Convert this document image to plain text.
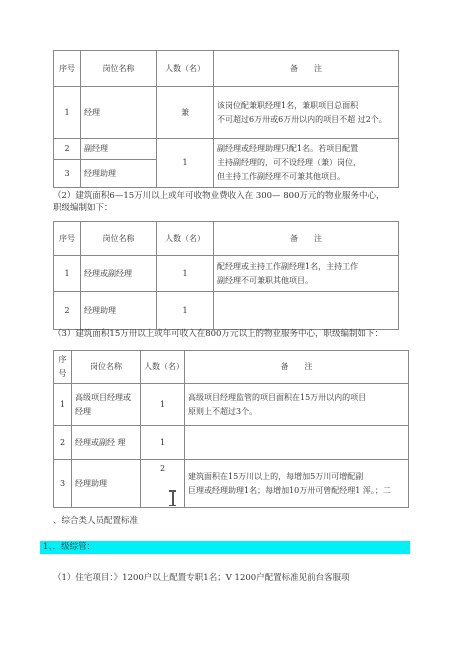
序号	岗位名称	人数（名）	备　　注
1	经理	兼	该岗位配兼职经理1名，兼职项目总面积
不可超过6万卅或6万卅以内的项目不超 过2个。

2	副经理	1	副经理或经理助理只配1名。若项目配置
主持副经理的，可不设经理（兼）岗位，
但主持工作副经理不可兼其他项目。

3	经理助理		
（2）建筑面积6—15万川以上或年可收物业费收入在 300— 800万元的物业服务中心，
职级编制如下：
序号	岗位名称	人数（名）	备　　注
1	经理或副经理	1	配经理或主持工作副经理1名，主持工作
副经理不可兼职其他项目。

2	经理助理	1	
（3）建筑面积15万卅以上或年可收入在800万元以上的物业服务中心，职级编制如下：
序号	岗位名称	人数（名）	备　　注
1	高级项目经理或经理	1	高级项目经理监管的项目面积在15万卅以内的项目
原则上不超过3个。

2	经理或副经 理	1	
3	经理助理	2	建筑面积在15万川以上的，每增加5万川可增配副
巨理或经理助理1名；每增加10万卅可曾配经理1 浑。；二
、综合类人员配置标准
1、．级综管：
（1）住宅项目：》1200户以上配置专职1名；V 1200户配置标准见前台客服项
